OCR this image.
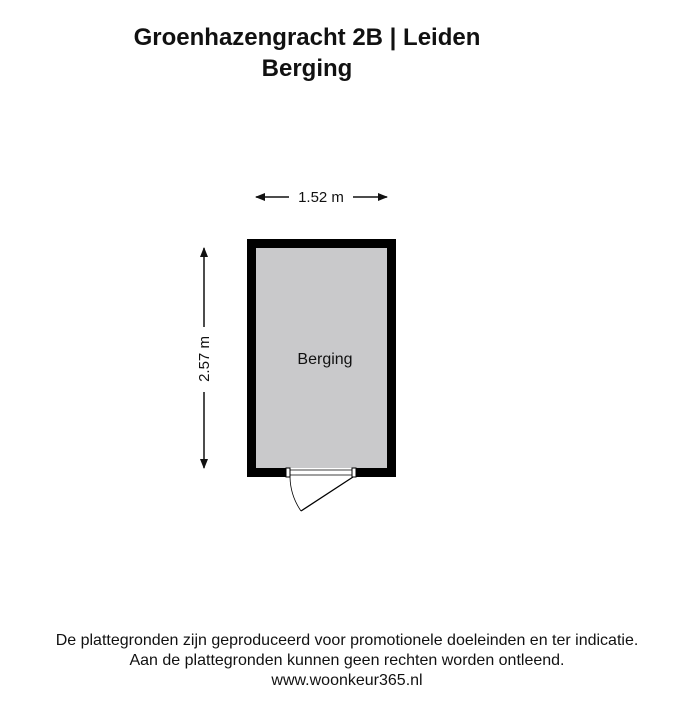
Groenhazengracht 2B | Leiden
Berging
1.52 m
2.57 m	Berging
De plattegronden zijn geproduceerd voor promotionele doeleinden en ter indicatie.
Aan de plattegronden kunnen geen rechten worden ontleend.
www.woonkeur365.nl
